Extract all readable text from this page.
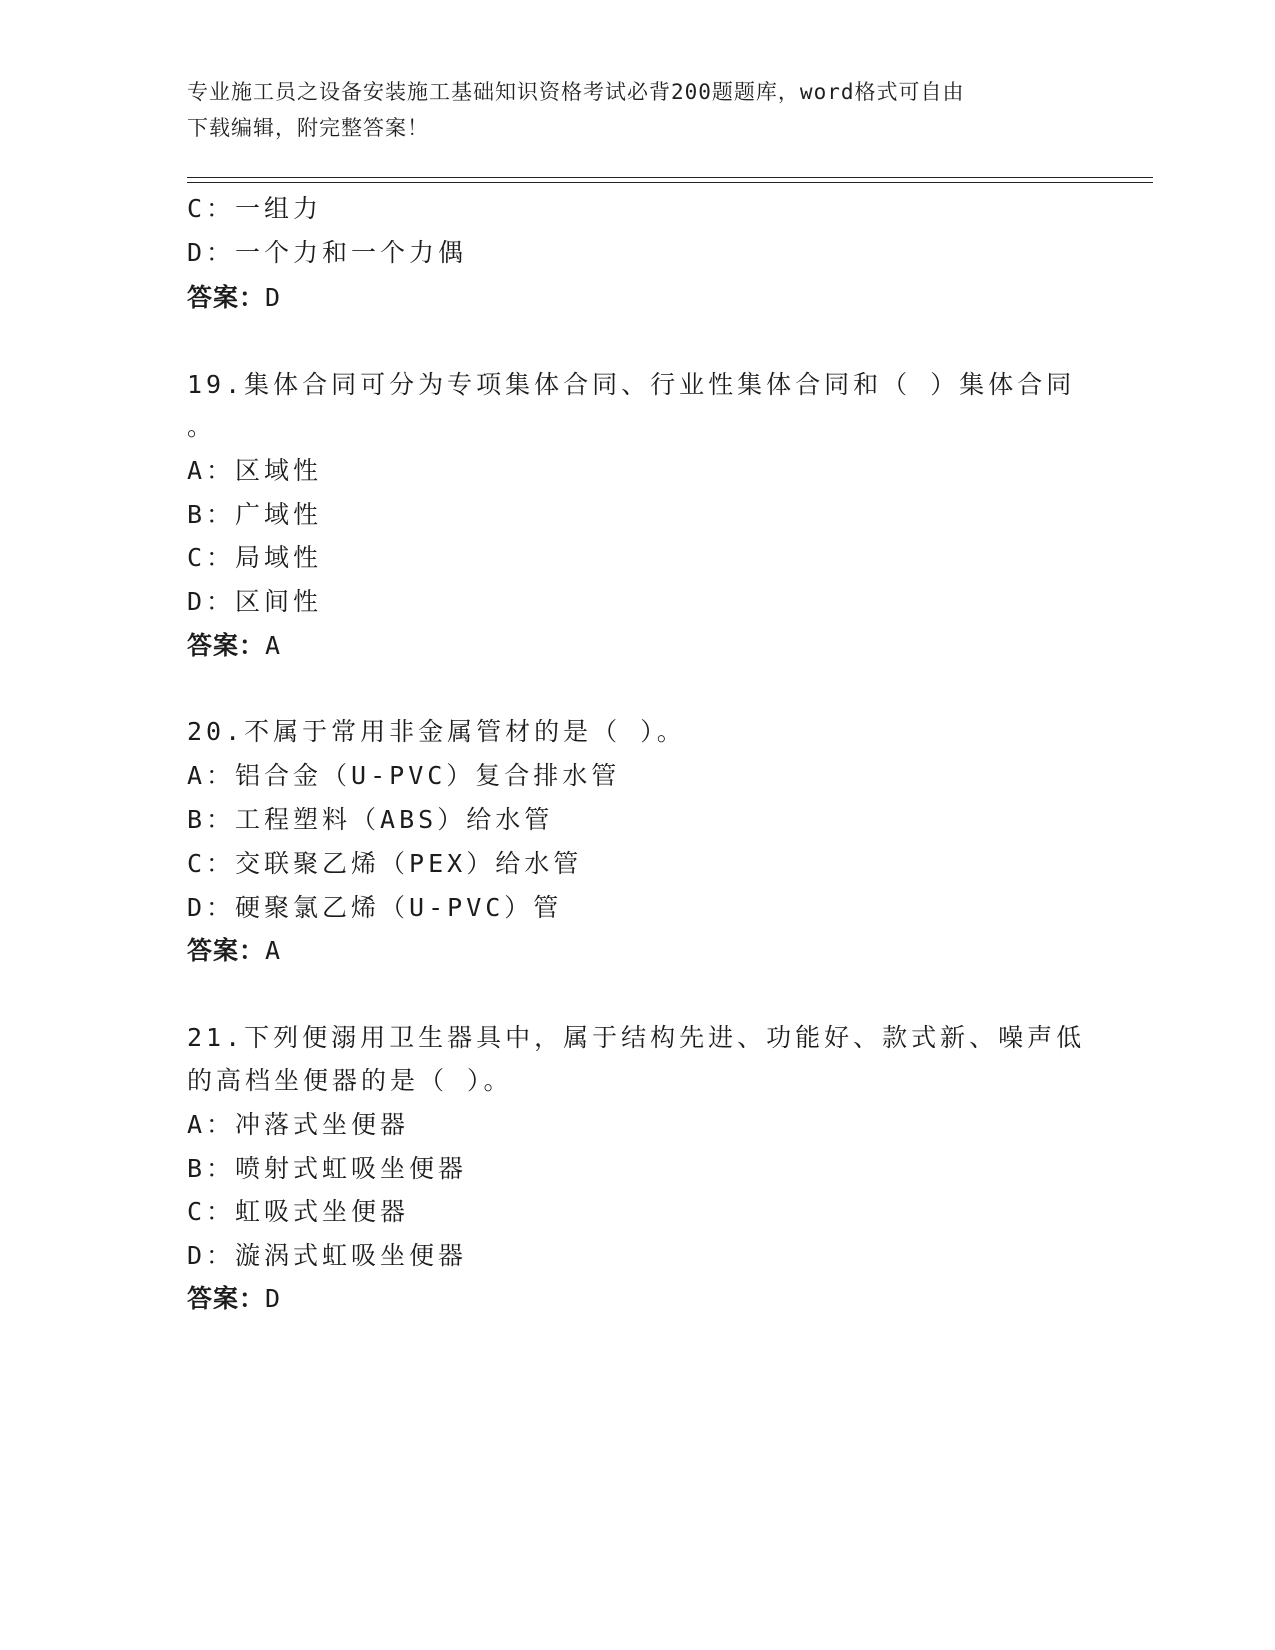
专业施工员之设备安装施工基础知识资格考试必背200题题库，word格式可自由
下载编辑，附完整答案！
C：一组力
D：一个力和一个力偶
答案：D
19.集体合同可分为专项集体合同、行业性集体合同和（ ）集体合同
。
A：区域性
B：广域性
C：局域性
D：区间性
答案：A
20.不属于常用非金属管材的是（ ）。
A：铝合金（U-PVC）复合排水管
B：工程塑料（ABS）给水管
C：交联聚乙烯（PEX）给水管
D：硬聚氯乙烯（U-PVC）管
答案：A
21.下列便溺用卫生器具中，属于结构先进、功能好、款式新、噪声低
的高档坐便器的是（ ）。
A：冲落式坐便器
B：喷射式虹吸坐便器
C：虹吸式坐便器
D：漩涡式虹吸坐便器
答案：D
